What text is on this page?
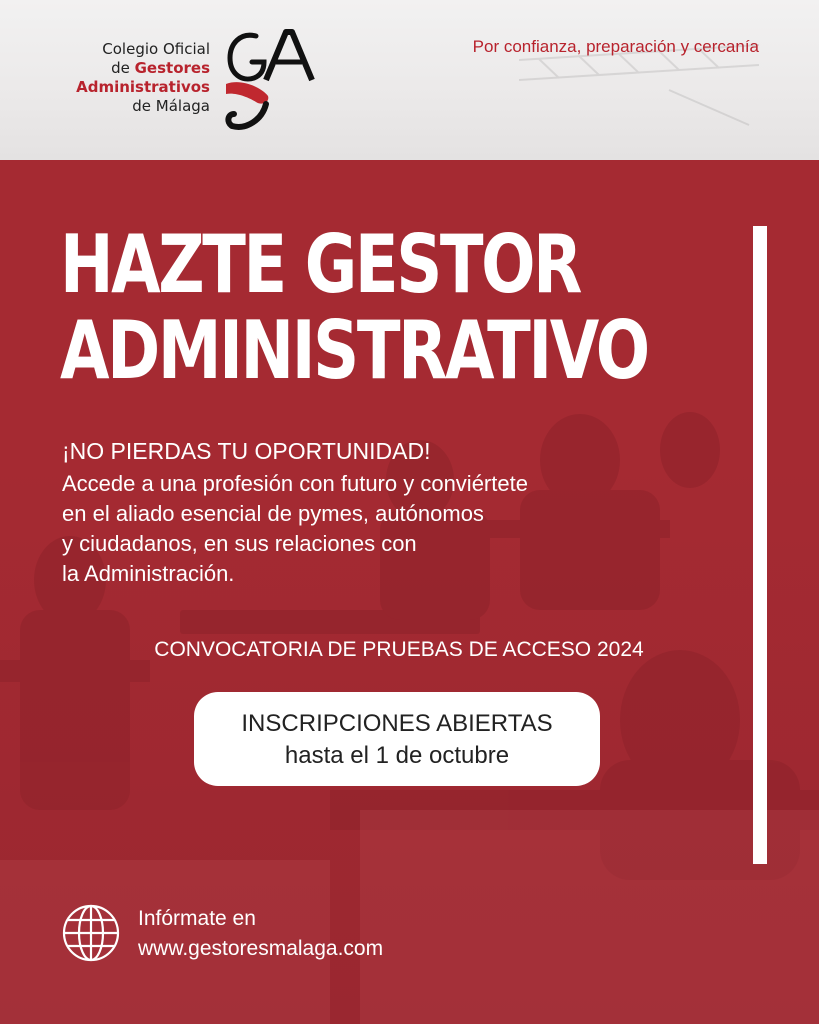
Colegio Oficial
de Gestores
Administrativos
de Málaga
Por confianza, preparación y cercanía
HAZTE GESTOR
ADMINISTRATIVO
¡NO PIERDAS TU OPORTUNIDAD!
Accede a una profesión con futuro y conviértete
en el aliado esencial de pymes, autónomos
y ciudadanos, en sus relaciones con
la Administración.
CONVOCATORIA DE PRUEBAS DE ACCESO 2024
INSCRIPCIONES ABIERTAS
hasta el 1 de octubre
Infórmate en
www.gestoresmalaga.com
